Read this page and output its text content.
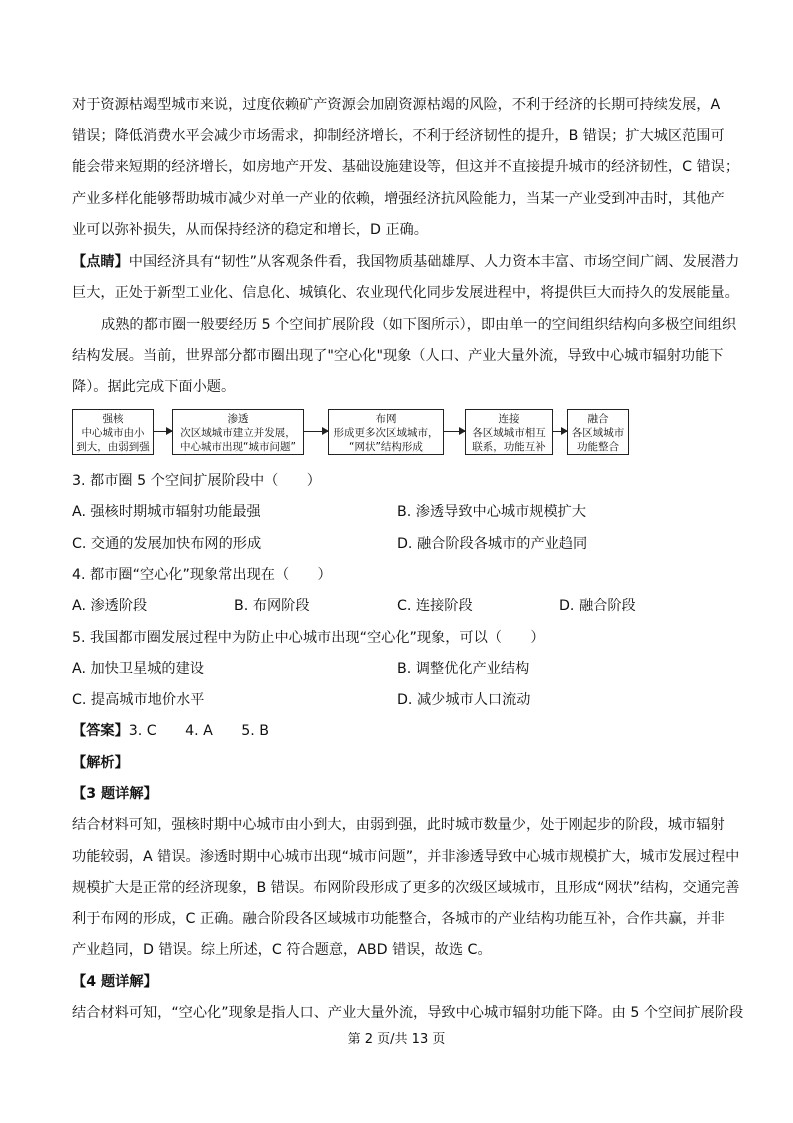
对于资源枯竭型城市来说，过度依赖矿产资源会加剧资源枯竭的风险，不利于经济的长期可持续发展，A
错误；降低消费水平会减少市场需求，抑制经济增长，不利于经济韧性的提升，B 错误；扩大城区范围可
能会带来短期的经济增长，如房地产开发、基础设施建设等，但这并不直接提升城市的经济韧性，C 错误；
产业多样化能够帮助城市减少对单一产业的依赖，增强经济抗风险能力，当某一产业受到冲击时，其他产
业可以弥补损失，从而保持经济的稳定和增长，D 正确。
【点睛】中国经济具有“韧性”从客观条件看，我国物质基础雄厚、人力资本丰富、市场空间广阔、发展潜力
巨大，正处于新型工业化、信息化、城镇化、农业现代化同步发展进程中，将提供巨大而持久的发展能量。
成熟的都市圈一般要经历 5 个空间扩展阶段（如下图所示），即由单一的空间组织结构向多极空间组织
结构发展。当前，世界部分都市圈出现了"空心化"现象（人口、产业大量外流，导致中心城市辐射功能下
降）。据此完成下面小题。
强核
中心城市由小
到大，由弱到强
渗透
次区域城市建立并发展，
中心城市出现“城市问题”
布网
形成更多次区域城市，
“网状”结构形成
连接
各区域城市相互
联系，功能互补
融合
各区域城市
功能整合
3. 都市圈 5 个空间扩展阶段中（　　）
A. 强核时期城市辐射功能最强	B. 渗透导致中心城市规模扩大
C. 交通的发展加快布网的形成	D. 融合阶段各城市的产业趋同
4. 都市圈“空心化”现象常出现在（　　）
A. 渗透阶段	B. 布网阶段	C. 连接阶段	D. 融合阶段
5. 我国都市圈发展过程中为防止中心城市出现“空心化”现象，可以（　　）
A. 加快卫星城的建设	B. 调整优化产业结构
C. 提高城市地价水平	D. 减少城市人口流动
【答案】3. C　　4. A　　5. B
【解析】
【3 题详解】
结合材料可知，强核时期中心城市由小到大，由弱到强，此时城市数量少，处于刚起步的阶段，城市辐射
功能较弱，A 错误。渗透时期中心城市出现“城市问题”，并非渗透导致中心城市规模扩大，城市发展过程中
规模扩大是正常的经济现象，B 错误。布网阶段形成了更多的次级区域城市，且形成“网状”结构，交通完善
利于布网的形成，C 正确。融合阶段各区域城市功能整合，各城市的产业结构功能互补，合作共赢，并非
产业趋同，D 错误。综上所述，C 符合题意，ABD 错误，故选 C。
【4 题详解】
结合材料可知，“空心化”现象是指人口、产业大量外流，导致中心城市辐射功能下降。由 5 个空间扩展阶段
第 2 页/共 13 页
